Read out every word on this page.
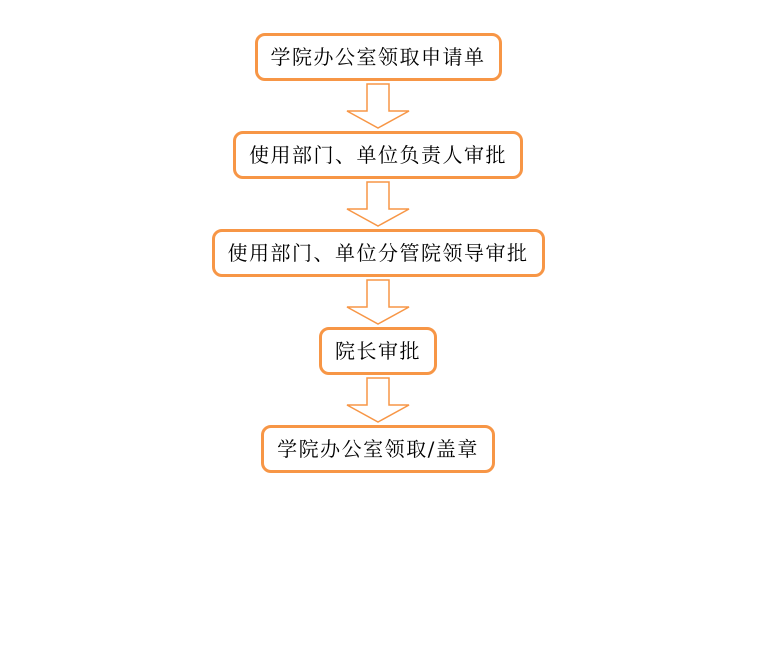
学院办公室领取申请单
使用部门、单位负责人审批
使用部门、单位分管院领导审批
院长审批
学院办公室领取/盖章
